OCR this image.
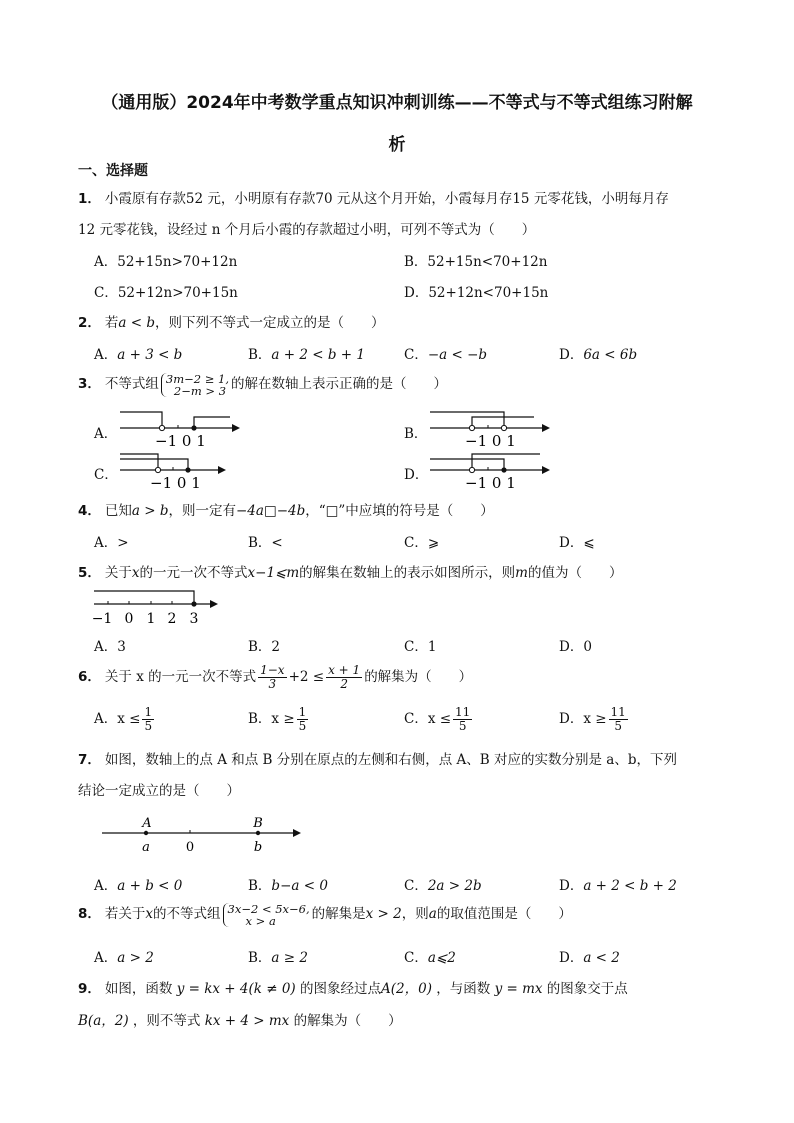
（通用版）2024年中考数学重点知识冲刺训练——不等式与不等式组练习附解
析
一、选择题
1． 小霞原有存款52 元，小明原有存款70 元从这个月开始，小霞每月存15 元零花钱，小明每月存
12 元零花钱，设经过 n 个月后小霞的存款超过小明，可列不等式为（　　）
A．52+15n>70+12n	B．52+15n<70+12n
C．52+12n>70+15n	D．52+12n<70+15n
2． 若a < b，则下列不等式一定成立的是（　　）
A．a + 3 < b	B．a + 2 < b + 1	C．−a < −b	D．6a < 6b
3． 不等式组 3m−2 ≥ 1,
2−m > 3 的解在数轴上表示正确的是（　　）
A．	−1 0 1	B．	−1 0 1
C． −1 0 1	D． −1 0 1
4． 已知a > b，则一定有−4a□−4b，“□”中应填的符号是（　　）
A．>	B．<	C．⩾	D．⩽
5． 关于x的一元一次不等式x−1⩽m的解集在数轴上的表示如图所示，则m的值为（　　）
−1 0 1 2 3
A．3	B．2	C．1	D．0
6． 关于 x 的一元一次不等式 $\frac{1-x}{3} +2 \le \frac{x + 1}{2}$ 的解集为（　　）
A．$x \le \frac{1}{5}$	B．$x \ge \frac{1}{5}$	C．$x \le \frac{11}{5}$	D．$x \ge \frac{11}{5}$
7． 如图，数轴上的点 A 和点 B 分别在原点的左侧和右侧，点 A、B 对应的实数分别是 a、b，下列
结论一定成立的是（　　）
A	B
a	0	b
A．a + b < 0	B．b−a < 0	C．2a > 2b	D．a + 2 < b + 2
8． 若关于x的不等式组 3x−2 < 5x−6,
x > a	的解集是x > 2，则a的取值范围是（　　）
A．a > 2	B．a ≥ 2	C．a⩽2	D．a < 2
9． 如图，函数 y = kx + 4(k ≠ 0) 的图象经过点A(2，0) ，与函数 y = mx 的图象交于点
B(a，2) ，则不等式 kx + 4 > mx 的解集为（　　）
